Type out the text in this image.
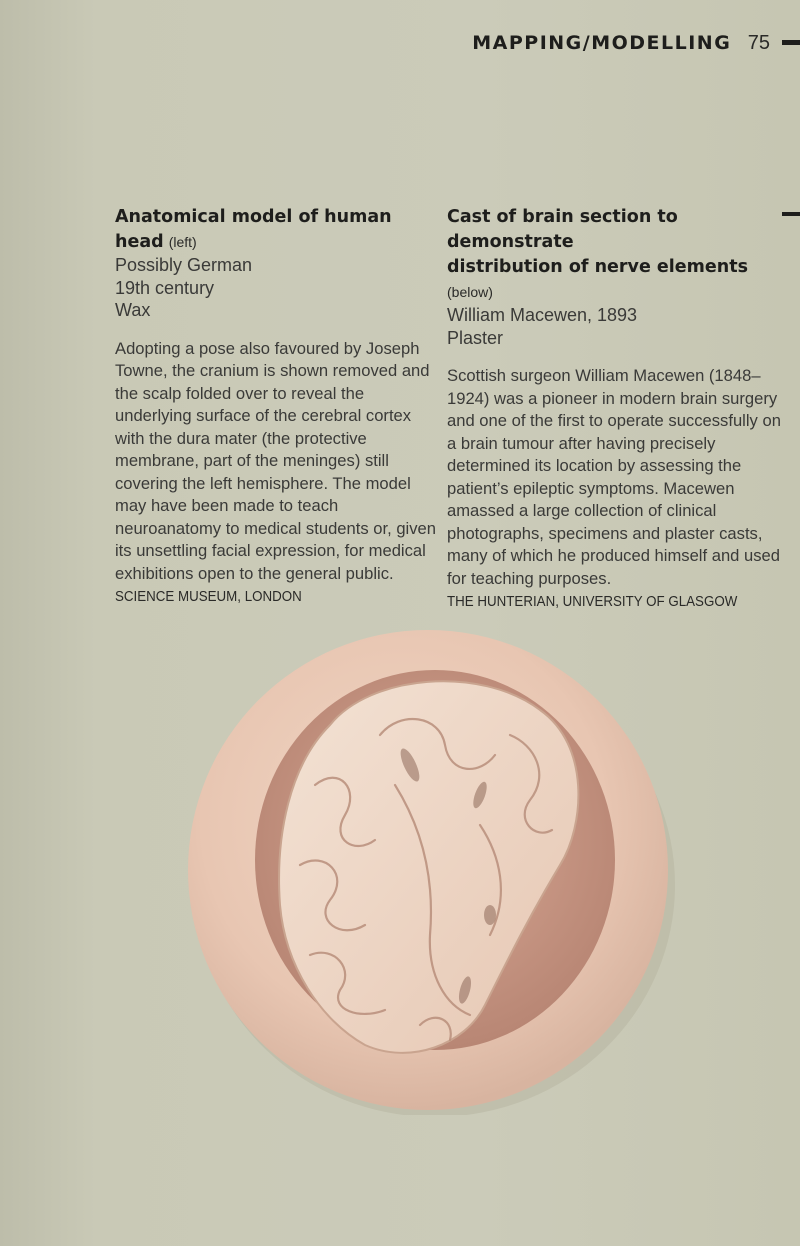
MAPPING/MODELLING 75
Anatomical model of human head (left)
Possibly German
19th century
Wax
Adopting a pose also favoured by Joseph Towne, the cranium is shown removed and the scalp folded over to reveal the underlying surface of the cerebral cortex with the dura mater (the protective membrane, part of the meninges) still covering the left hemisphere. The model may have been made to teach neuroanatomy to medical students or, given its unsettling facial expression, for medical exhibitions open to the general public.
SCIENCE MUSEUM, LONDON
Cast of brain section to demonstrate
distribution of nerve elements (below)
William Macewen, 1893
Plaster
Scottish surgeon William Macewen (1848–1924) was a pioneer in modern brain surgery and one of the first to operate successfully on a brain tumour after having precisely determined its location by assessing the patient’s epileptic symptoms. Macewen amassed a large collection of clinical photographs, specimens and plaster casts, many of which he produced himself and used for teaching purposes.
THE HUNTERIAN, UNIVERSITY OF GLASGOW
